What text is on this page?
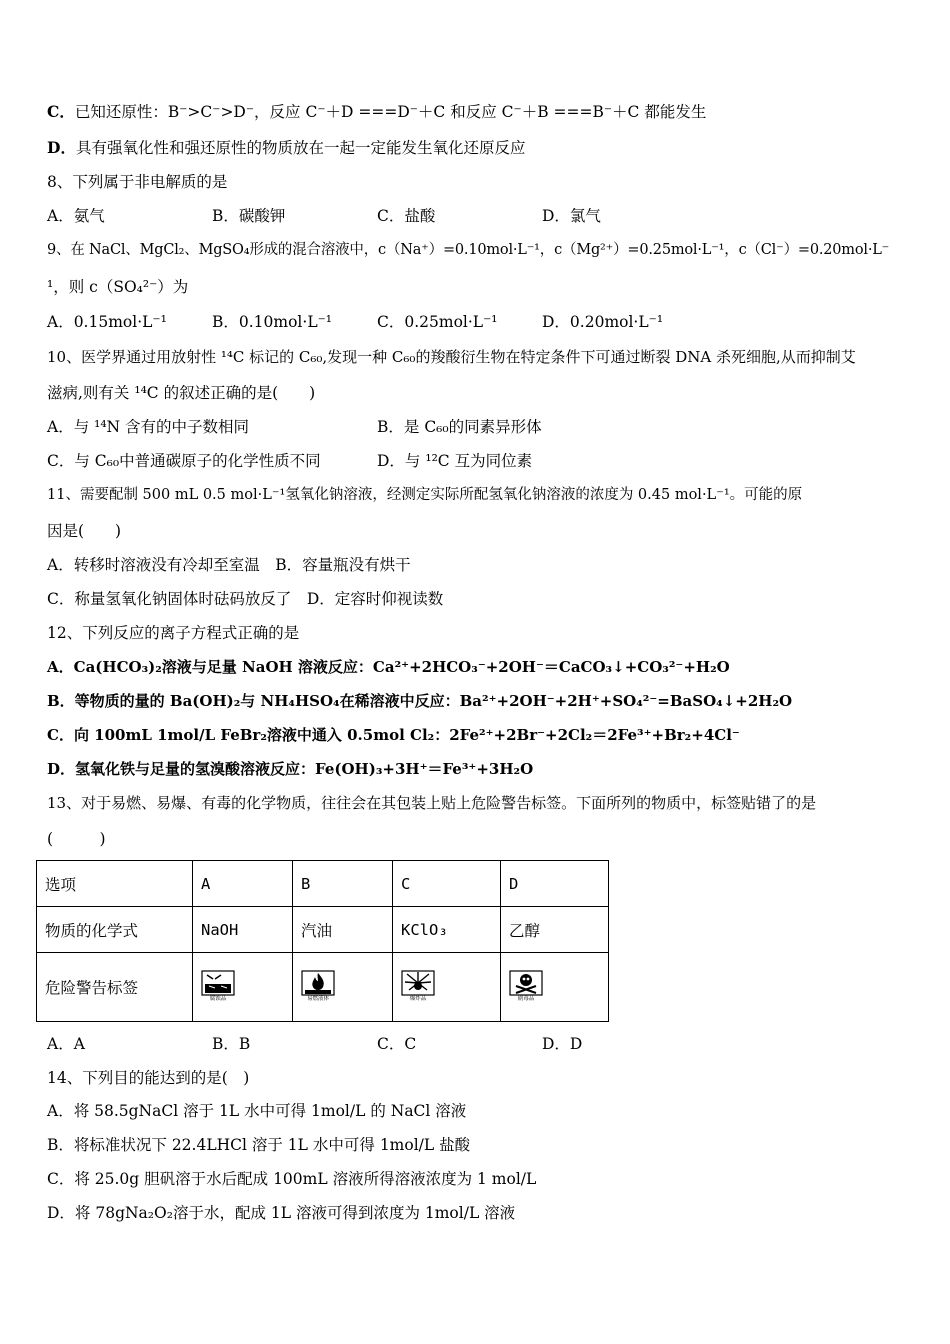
C．已知还原性：B⁻>C⁻>D⁻，反应 C⁻＋D ===D⁻＋C 和反应 C⁻＋B ===B⁻＋C 都能发生
D．具有强氧化性和强还原性的物质放在一起一定能发生氧化还原反应
8、下列属于非电解质的是
A．氨气	B．碳酸钾	C．盐酸	D．氯气
9、在 NaCl、MgCl₂、MgSO₄形成的混合溶液中，c（Na⁺）=0.10mol·L⁻¹，c（Mg²⁺）=0.25mol·L⁻¹，c（Cl⁻）=0.20mol·L⁻
¹，则 c（SO₄²⁻）为
A．0.15mol·L⁻¹	B．0.10mol·L⁻¹	C．0.25mol·L⁻¹	D．0.20mol·L⁻¹
10、医学界通过用放射性 ¹⁴C 标记的 C₆₀,发现一种 C₆₀的羧酸衍生物在特定条件下可通过断裂 DNA 杀死细胞,从而抑制艾
滋病,则有关 ¹⁴C 的叙述正确的是(　　)
A．与 ¹⁴N 含有的中子数相同	B．是 C₆₀的同素异形体
C．与 C₆₀中普通碳原子的化学性质不同	D．与 ¹²C 互为同位素
11、需要配制 500 mL 0.5 mol·L⁻¹氢氧化钠溶液，经测定实际所配氢氧化钠溶液的浓度为 0.45 mol·L⁻¹。可能的原
因是(　　)
A．转移时溶液没有冷却至室温　B．容量瓶没有烘干
C．称量氢氧化钠固体时砝码放反了　D．定容时仰视读数
12、下列反应的离子方程式正确的是
A．Ca(HCO₃)₂溶液与足量 NaOH 溶液反应：Ca²⁺+2HCO₃⁻+2OH⁻＝CaCO₃↓+CO₃²⁻+H₂O
B．等物质的量的 Ba(OH)₂与 NH₄HSO₄在稀溶液中反应：Ba²⁺+2OH⁻+2H⁺+SO₄²⁻=BaSO₄↓+2H₂O
C．向 100mL 1mol/L FeBr₂溶液中通入 0.5mol Cl₂：2Fe²⁺+2Br⁻+2Cl₂＝2Fe³⁺+Br₂+4Cl⁻
D．氢氧化铁与足量的氢溴酸溶液反应：Fe(OH)₃+3H⁺＝Fe³⁺+3H₂O
13、对于易燃、易爆、有毒的化学物质，往往会在其包装上贴上危险警告标签。下面所列的物质中，标签贴错了的是
(　　　)
选项	A	B	C	D
物质的化学式	NaOH	汽油	KClO₃	乙醇
危险警告标签	腐蚀品	易燃液体	爆炸品	剧毒品
A．A	B．B	C．C	D．D
14、下列目的能达到的是(　)
A．将 58.5gNaCl 溶于 1L 水中可得 1mol/L 的 NaCl 溶液
B．将标准状况下 22.4LHCl 溶于 1L 水中可得 1mol/L 盐酸
C．将 25.0g 胆矾溶于水后配成 100mL 溶液所得溶液浓度为 1 mol/L
D．将 78gNa₂O₂溶于水，配成 1L 溶液可得到浓度为 1mol/L 溶液
